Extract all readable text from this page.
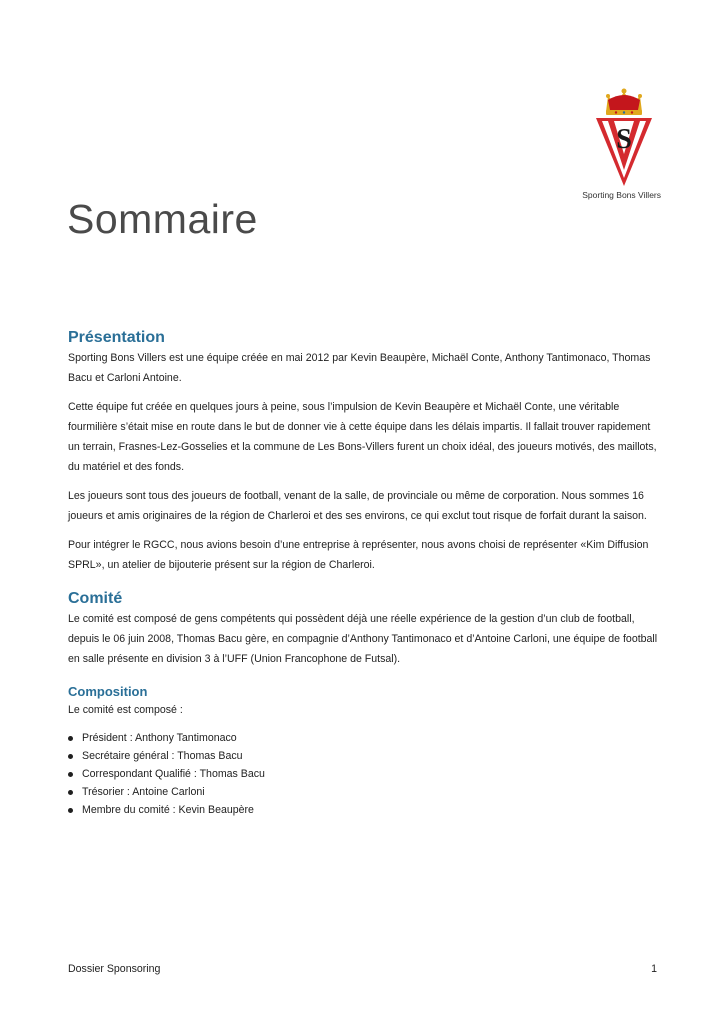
S
Sporting Bons Villers
Sommaire
Présentation

Sporting Bons Villers est une équipe créée en mai 2012 par Kevin Beaupère, Michaël Conte, Anthony Tantimonaco, Thomas Bacu et Carloni Antoine.

Cette équipe fut créée en quelques jours à peine, sous l’impulsion de Kevin Beaupère et Michaël Conte, une véritable fourmilière s’était mise en route dans le but de donner vie à cette équipe dans les délais impartis. Il fallait trouver rapidement un terrain, Frasnes-Lez-Gosselies et la commune de Les Bons-Villers furent un choix idéal, des joueurs motivés, des maillots, du matériel et des fonds.

Les joueurs sont tous des joueurs de football, venant de la salle, de provinciale ou même de corporation. Nous sommes 16 joueurs et amis originaires de la région de Charleroi et des ses environs, ce qui exclut tout risque de forfait durant la saison.

Pour intégrer le RGCC, nous avions besoin d’une entreprise à représenter, nous avons choisi de représenter «Kim Diffusion SPRL», un atelier de bijouterie présent sur la région de Charleroi.

Comité

Le comité est composé de gens compétents qui possèdent déjà une réelle expérience de la gestion d’un club de football, depuis le 06 juin 2008, Thomas Bacu gère, en compagnie d’Anthony Tantimonaco et d’Antoine Carloni, une équipe de football en salle présente en division 3 à l’UFF (Union Francophone de Futsal).

Composition

Le comité est composé :

Président : Anthony Tantimonaco
Secrétaire général : Thomas Bacu
Correspondant Qualifié : Thomas Bacu
Trésorier : Antoine Carloni
Membre du comité : Kevin Beaupère
Dossier Sponsoring	1
